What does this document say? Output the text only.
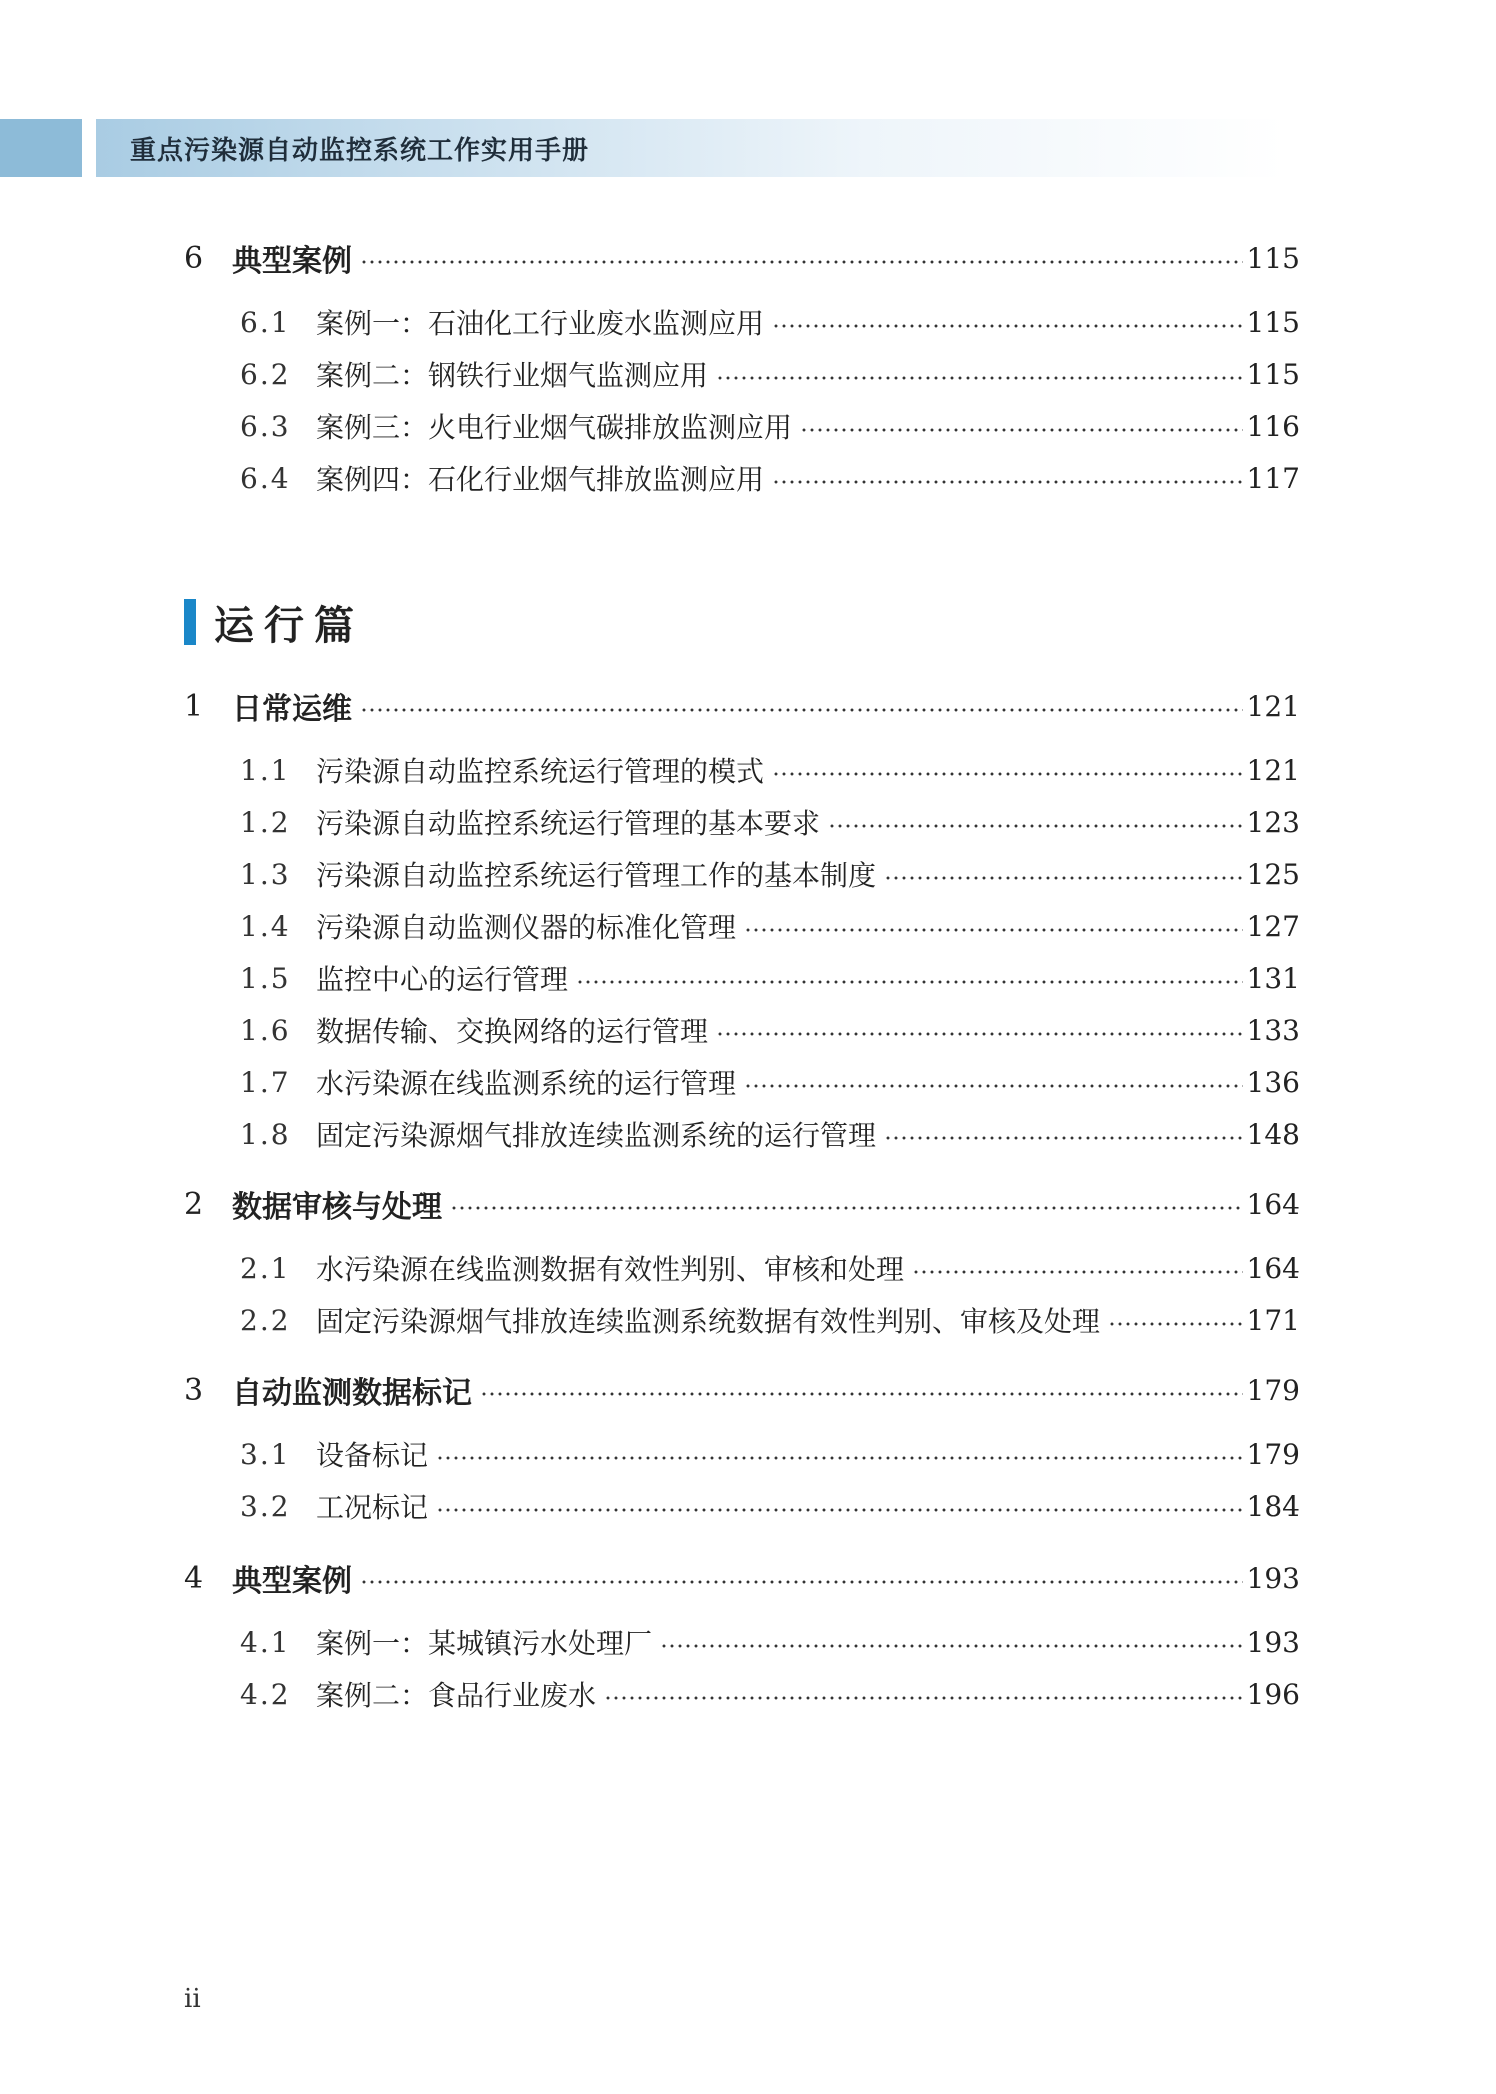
重点污染源自动监控系统工作实用手册
6 典型案例	115
6.1 案例一：石油化工行业废水监测应用	115
6.2 案例二：钢铁行业烟气监测应用	115
6.3 案例三：火电行业烟气碳排放监测应用	116
6.4 案例四：石化行业烟气排放监测应用	117
1 日常运维	121
1.1 污染源自动监控系统运行管理的模式	121
1.2 污染源自动监控系统运行管理的基本要求	123
1.3 污染源自动监控系统运行管理工作的基本制度	125
1.4 污染源自动监测仪器的标准化管理	127
1.5 监控中心的运行管理	131
1.6 数据传输、交换网络的运行管理	133
1.7 水污染源在线监测系统的运行管理	136
1.8 固定污染源烟气排放连续监测系统的运行管理	148
2 数据审核与处理	164
2.1 水污染源在线监测数据有效性判别、审核和处理	164
2.2 固定污染源烟气排放连续监测系统数据有效性判别、审核及处理	171
3 自动监测数据标记	179
3.1 设备标记	179
3.2 工况标记	184
4 典型案例	193
4.1 案例一：某城镇污水处理厂	193
4.2 案例二：食品行业废水	196
运行篇
ii
